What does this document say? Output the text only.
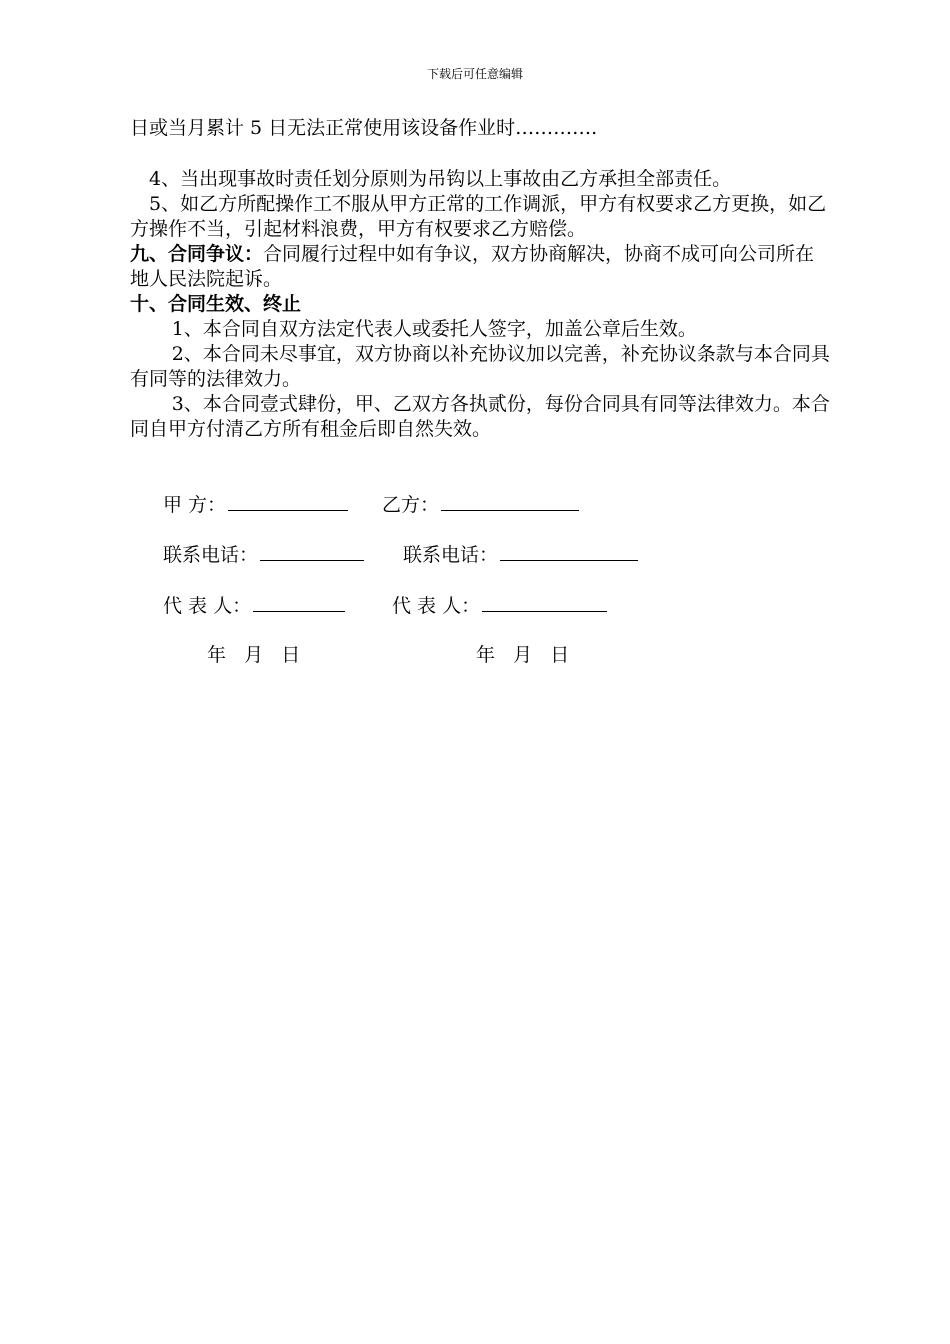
下载后可任意编辑

日或当月累计 5 日无法正常使用该设备作业时………….

4、当出现事故时责任划分原则为吊钩以上事故由乙方承担全部责任。

5、如乙方所配操作工不服从甲方正常的工作调派，甲方有权要求乙方更换，如乙方操作不当，引起材料浪费，甲方有权要求乙方赔偿。

九、合同争议：合同履行过程中如有争议，双方协商解决，协商不成可向公司所在地人民法院起诉。

十、合同生效、终止

1、本合同自双方法定代表人或委托人签字，加盖公章后生效。

2、本合同未尽事宜，双方协商以补充协议加以完善，补充协议条款与本合同具有同等的法律效力。

3、本合同壹式肆份，甲、乙双方各执贰份，每份合同具有同等法律效力。本合同自甲方付清乙方所有租金后即自然失效。

甲 方：	乙方：
联系电话：	联系电话：
代 表 人：	代 表 人：
年   月   日	年   月   日
